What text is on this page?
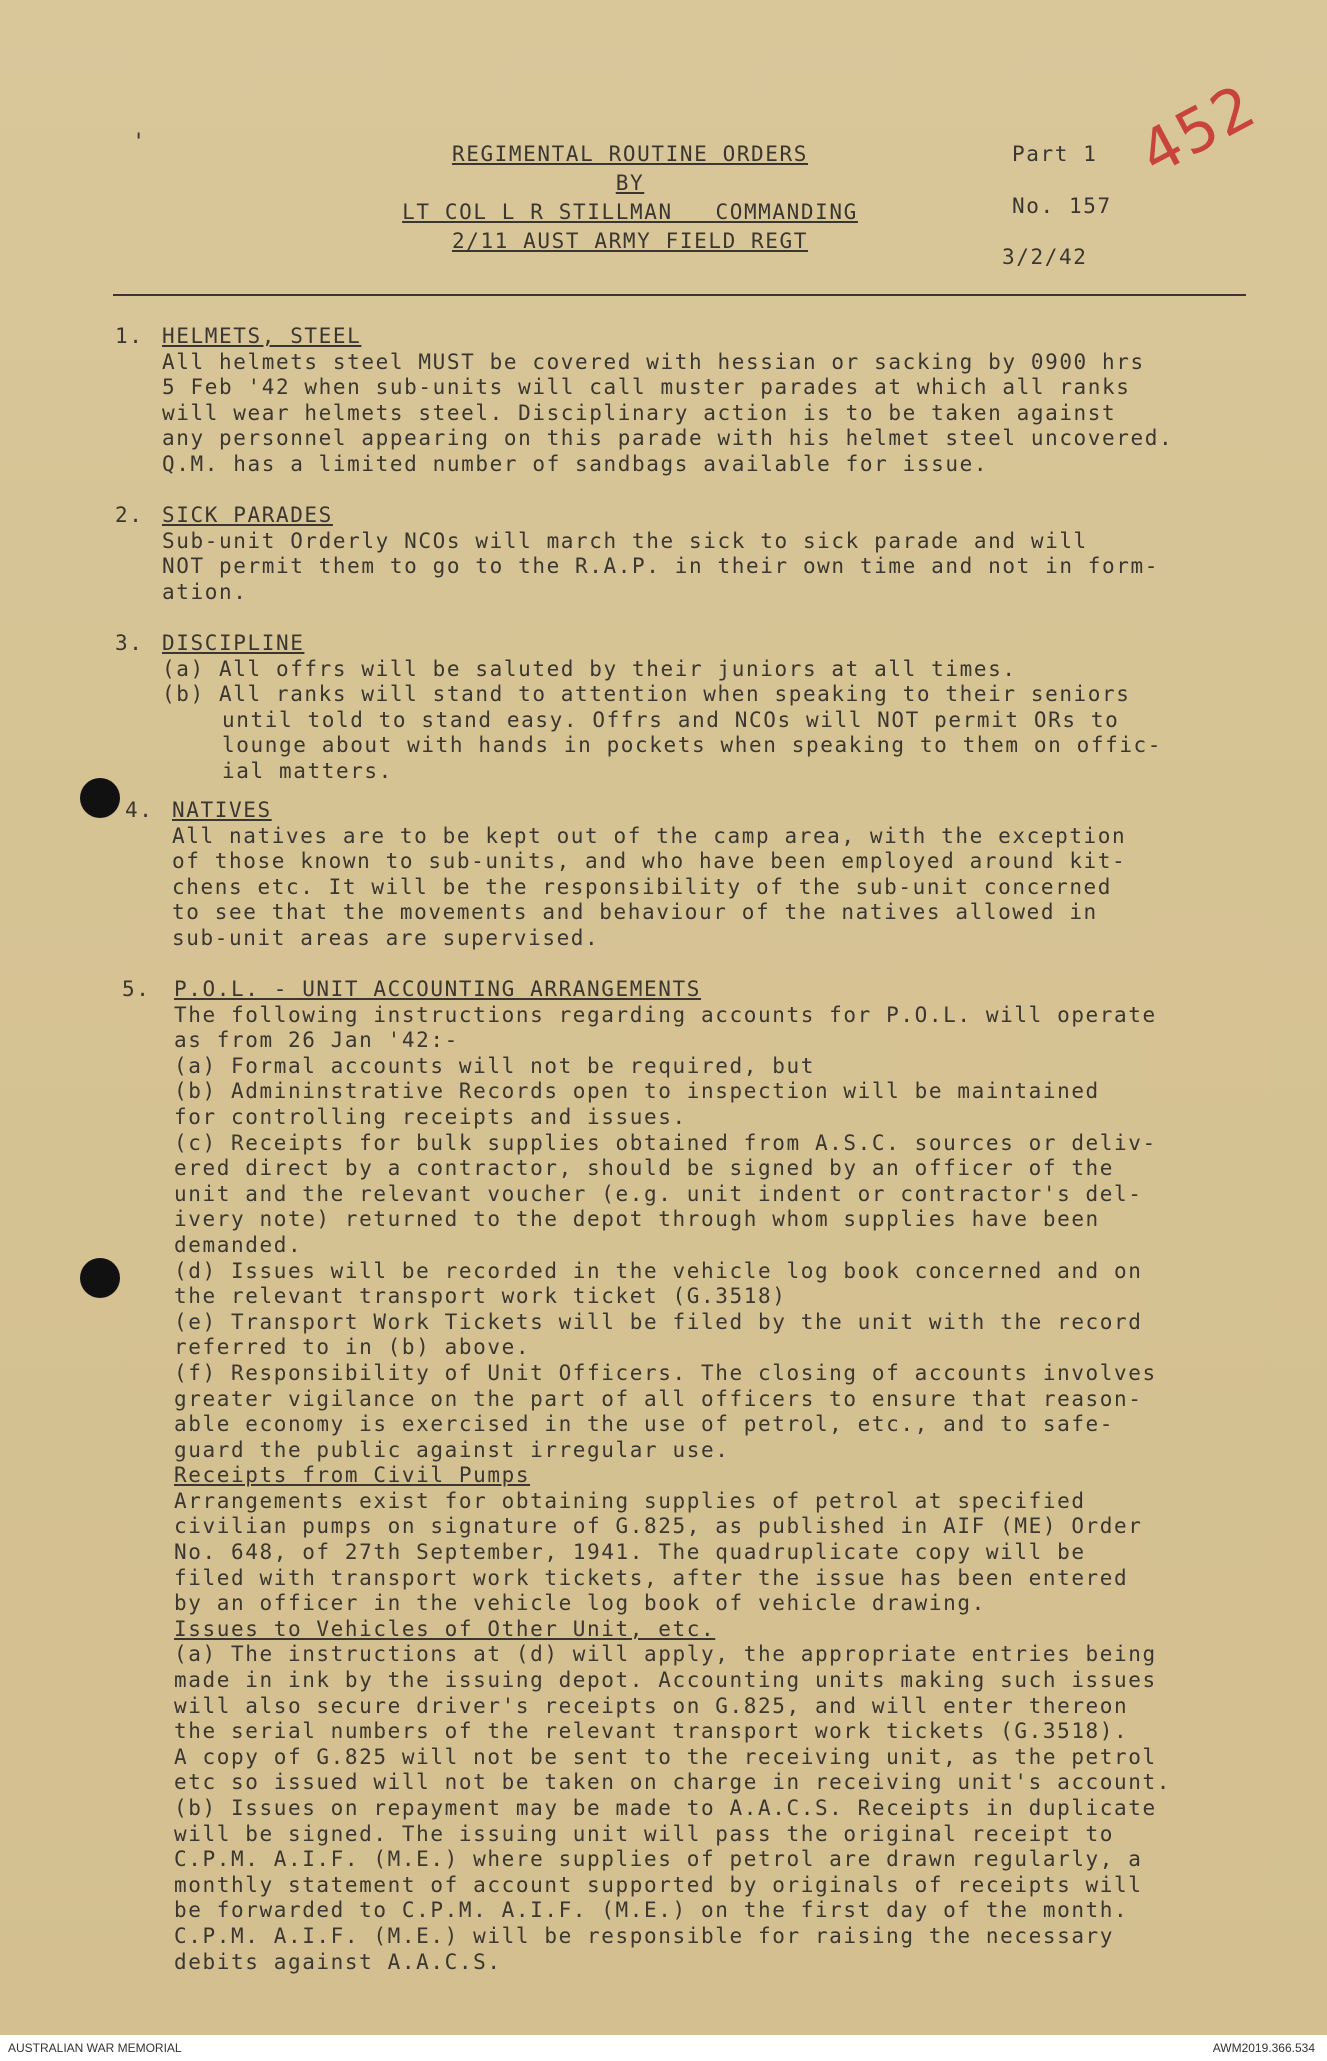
'	REGIMENTAL ROUTINE ORDERS
BY
LT COL L R STILLMAN   COMMANDING
2/11 AUST ARMY FIELD REGT
Part 1
No. 157
3/2/42
452
1. HELMETS, STEEL
All helmets steel MUST be covered with hessian or sacking by 0900 hrs
5 Feb '42 when sub-units will call muster parades at which all ranks
will wear helmets steel. Disciplinary action is to be taken against
any personnel appearing on this parade with his helmet steel uncovered.
Q.M. has a limited number of sandbags available for issue.
2. SICK PARADES
Sub-unit Orderly NCOs will march the sick to sick parade and will
NOT permit them to go to the R.A.P. in their own time and not in form-
ation.
3. DISCIPLINE
(a) All offrs will be saluted by their juniors at all times.
(b) All ranks will stand to attention when speaking to their seniors
until told to stand easy. Offrs and NCOs will NOT permit ORs to
lounge about with hands in pockets when speaking to them on offic-
ial matters.
4. NATIVES
All natives are to be kept out of the camp area, with the exception
of those known to sub-units, and who have been employed around kit-
chens etc. It will be the responsibility of the sub-unit concerned
to see that the movements and behaviour of the natives allowed in
sub-unit areas are supervised.
5. P.O.L. - UNIT ACCOUNTING ARRANGEMENTS
The following instructions regarding accounts for P.O.L. will operate
as from 26 Jan '42:-
(a) Formal accounts will not be required, but
(b) Admininstrative Records open to inspection will be maintained
for controlling receipts and issues.
(c) Receipts for bulk supplies obtained from A.S.C. sources or deliv-
ered direct by a contractor, should be signed by an officer of the
unit and the relevant voucher (e.g. unit indent or contractor's del-
ivery note) returned to the depot through whom supplies have been
demanded.
(d) Issues will be recorded in the vehicle log book concerned and on
the relevant transport work ticket (G.3518)
(e) Transport Work Tickets will be filed by the unit with the record
referred to in (b) above.
(f) Responsibility of Unit Officers. The closing of accounts involves
greater vigilance on the part of all officers to ensure that reason-
able economy is exercised in the use of petrol, etc., and to safe-
guard the public against irregular use.
Receipts from Civil Pumps
Arrangements exist for obtaining supplies of petrol at specified
civilian pumps on signature of G.825, as published in AIF (ME) Order
No. 648, of 27th September, 1941. The quadruplicate copy will be
filed with transport work tickets, after the issue has been entered
by an officer in the vehicle log book of vehicle drawing.
Issues to Vehicles of Other Unit, etc.
(a) The instructions at (d) will apply, the appropriate entries being
made in ink by the issuing depot. Accounting units making such issues
will also secure driver's receipts on G.825, and will enter thereon
the serial numbers of the relevant transport work tickets (G.3518).
A copy of G.825 will not be sent to the receiving unit, as the petrol
etc so issued will not be taken on charge in receiving unit's account.
(b) Issues on repayment may be made to A.A.C.S. Receipts in duplicate
will be signed. The issuing unit will pass the original receipt to
C.P.M. A.I.F. (M.E.) where supplies of petrol are drawn regularly, a
monthly statement of account supported by originals of receipts will
be forwarded to C.P.M. A.I.F. (M.E.) on the first day of the month.
C.P.M. A.I.F. (M.E.) will be responsible for raising the necessary
debits against A.A.C.S.
AUSTRALIAN WAR MEMORIAL	AWM2019.366.534
